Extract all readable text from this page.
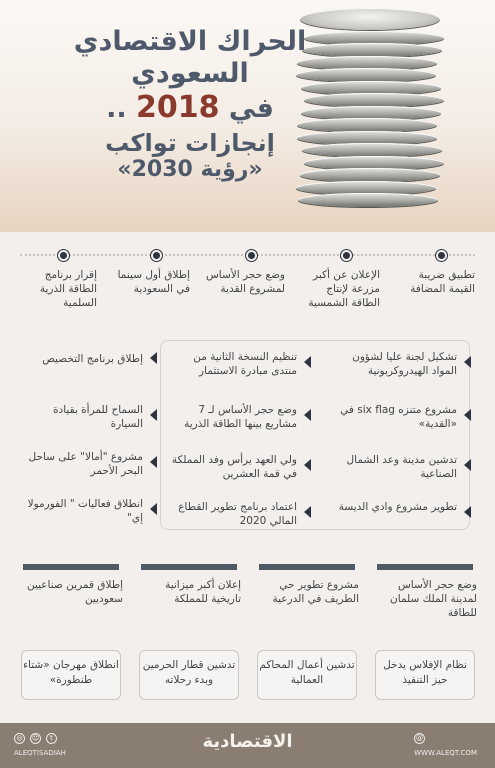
الحراك الاقتصادي
السعودي
في 2018 ..
إنجازات تواكب
«رؤية 2030»
تطبيق ضريبة القيمة المضافة
الإعلان عن أكبر مزرعة لإنتاج الطاقة الشمسية
وضع حجر الأساس لمشروع القدية
إطلاق أول سينما في السعودية
إقرار برنامج الطاقة الذرية السلمية
تشكيل لجنة عليا لشؤون المواد الهيدروكربونية
مشروع متنزه six flag في «القدية»
تدشين مدينة وعد الشمال الصناعية
تطوير مشروع وادي الديسة
تنظيم النسخة الثانية من منتدى مبادرة الاستثمار
وضع حجر الأساس لـ 7 مشاريع بينها الطاقة الذرية
ولي العهد يرأس وفد المملكة في قمة العشرين
اعتماد برنامج تطوير القطاع المالي 2020
إطلاق برنامج التخصيص
السماح للمرأة بقيادة السيارة
مشروع "أمالا" على ساحل البحر الأحمر
انطلاق فعاليات " الفورمولا إي"
وضع حجر الأساس لمدينة الملك سلمان للطاقة
مشروع تطوير حي الطريف في الدرعية
إعلان أكبر ميزانية تاريخية للمملكة
إطلاق قمرين صناعيين سعوديين
نظام الإفلاس يدخل حيز التنفيذ
تدشين أعمال المحاكم العمالية
تدشين قطار الحرمين وبدء رحلاته
انطلاق مهرجان «شتاء طنطورة»
@
WWW.ALEQT.COM
الاقتصادية
◎	☺	t
ALEQTISADIAH
